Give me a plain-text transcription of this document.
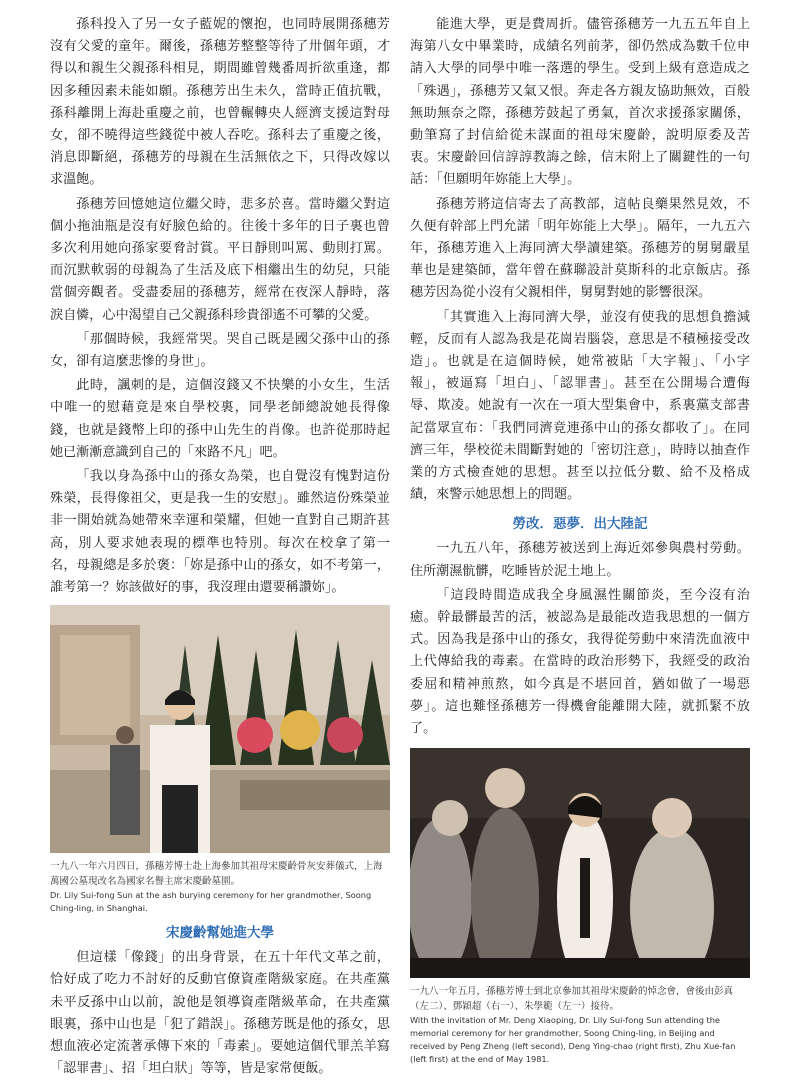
孫科投入了另一女子藍妮的懷抱，也同時展開孫穗芳沒有父愛的童年。爾後，孫穗芳整整等待了卅個年頭，才得以和親生父親孫科相見，期間雖曾幾番周折欲重逢，都因多種因素未能如願。孫穗芳出生未久，當時正值抗戰，孫科離開上海赴重慶之前，也曾輾轉央人經濟支援這對母女，卻不曉得這些錢從中被人吞吃。孫科去了重慶之後，消息即斷絕，孫穗芳的母親在生活無依之下，只得改嫁以求溫飽。

孫穗芳回憶她這位繼父時，悲多於喜。當時繼父對這個小拖油瓶是沒有好臉色給的。往後十多年的日子裏也曾多次利用她向孫家要脅討賞。平日靜則叫罵、動則打罵。而沉默軟弱的母親為了生活及底下相繼出生的幼兒，只能當個旁觀者。受盡委屈的孫穗芳，經常在夜深人靜時，落淚自憐，心中渴望自己父親孫科珍貴卻遙不可攀的父愛。

「那個時候，我經常哭。哭自己既是國父孫中山的孫女，卻有這麼悲慘的身世」。

此時，諷刺的是，這個沒錢又不快樂的小女生，生活中唯一的慰藉竟是來自學校裏，同學老師總說她長得像錢，也就是錢幣上印的孫中山先生的肖像。也許從那時起她已漸漸意識到自己的「來路不凡」吧。

「我以身為孫中山的孫女為榮，也自覺沒有愧對這份殊榮，長得像祖父，更是我一生的安慰」。雖然這份殊榮並非一開始就為她帶來幸運和榮耀，但她一直對自己期許甚高，別人要求她表現的標準也特別。每次在校拿了第一名，母親總是多於褒：「妳是孫中山的孫女，如不考第一，誰考第一？妳該做好的事，我沒理由還要稱讚妳」。

一九八一年六月四日，孫穗芳博士赴上海參加其祖母宋慶齡骨灰安葬儀式，上海萬國公墓現改名為國家名譽主席宋慶齡墓園。
Dr. Lily Sui-fong Sun at the ash burying ceremony for her grandmother, Soong Ching-ling, in Shanghai.
宋慶齡幫她進大學

但這樣「像錢」的出身背景，在五十年代文革之前，恰好成了吃力不討好的反動官僚資產階級家庭。在共產黨未平反孫中山以前，說他是領導資產階級革命，在共產黨眼裏，孫中山也是「犯了錯誤」。孫穗芳既是他的孫女，思想血液必定流著承傳下來的「毒素」。要她這個代罪羔羊寫「認罪書」、招「坦白狀」等等，皆是家常便飯。

能進大學，更是費周折。儘管孫穗芳一九五五年自上海第八女中畢業時，成績名列前茅，卻仍然成為數千位申請入大學的同學中唯一落選的學生。受到上級有意造成之「殊遇」，孫穗芳又氣又恨。奔走各方親友協助無效，百般無助無奈之際，孫穗芳鼓起了勇氣，首次求援孫家關係，動筆寫了封信給從未謀面的祖母宋慶齡，說明原委及苦衷。宋慶齡回信諄諄教誨之餘，信末附上了關鍵性的一句話：「但願明年妳能上大學」。

孫穗芳將這信寄去了高教部，這帖良藥果然見效，不久便有幹部上門允諾「明年妳能上大學」。隔年，一九五六年，孫穗芳進入上海同濟大學讀建築。孫穗芳的舅舅嚴星華也是建築師，當年曾在蘇聯設計莫斯科的北京飯店。孫穗芳因為從小沒有父親相伴，舅舅對她的影響很深。

「其實進入上海同濟大學，並沒有使我的思想負擔減輕，反而有人認為我是花崗岩腦袋，意思是不積極接受改造」。也就是在這個時候，她常被貼「大字報」、「小字報」，被逼寫「坦白」、「認罪書」。甚至在公開場合遭侮辱、欺凌。她說有一次在一項大型集會中，系裏黨支部書記當眾宣布：「我們同濟竟連孫中山的孫女都收了」。在同濟三年，學校從未間斷對她的「密切注意」，時時以抽查作業的方式檢查她的思想。甚至以拉低分數、給不及格成績，來警示她思想上的問題。

勞改．惡夢．出大陸記

一九五八年，孫穗芳被送到上海近郊參與農村勞動。住所潮濕骯髒，吃睡皆於泥土地上。

「這段時間造成我全身風濕性關節炎，至今沒有治癒。幹最髒最苦的活，被認為是最能改造我思想的一個方式。因為我是孫中山的孫女，我得從勞動中來清洗血液中上代傳給我的毒素。在當時的政治形勢下，我經受的政治委屈和精神煎熬，如今真是不堪回首，猶如做了一場惡夢」。這也難怪孫穗芳一得機會能離開大陸，就抓緊不放了。

一九八一年五月，孫穗芳博士到北京參加其祖母宋慶齡的悼念會，會後由彭真（左二）、鄧穎超（右一）、朱學範（左一）接待。
With the invitation of Mr. Deng Xiaoping, Dr. Lily Sui-fong Sun attending the memorial ceremony for her grandmother, Soong Ching-ling, in Beijing and received by Peng Zheng (left second), Deng Ying-chao (right first), Zhu Xue-fan (left first) at the end of May 1981.
